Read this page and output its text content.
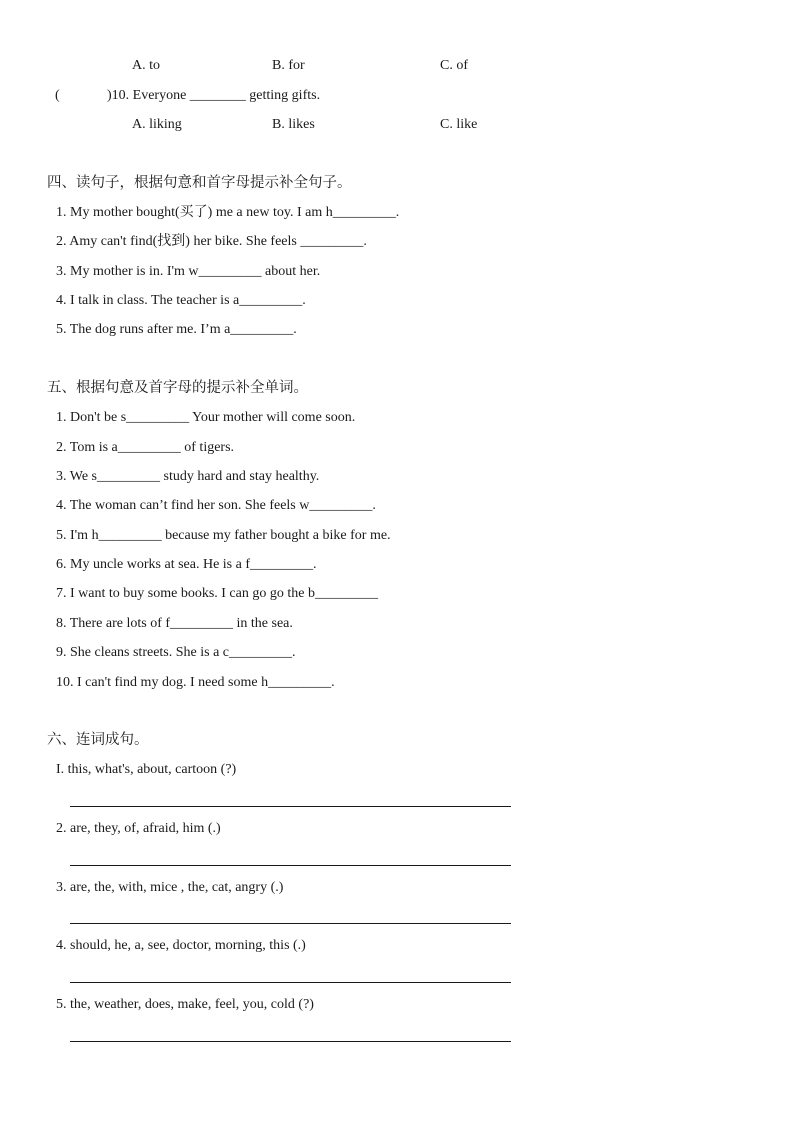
A. to	B. for	C. of
(	)10. Everyone ________ getting gifts.
A. liking	B. likes	C. like
四、读句子，根据句意和首字母提示补全句子。
1. My mother bought(买了) me a new toy. I am h_________.
2. Amy can't find(找到) her bike. She feels _________.
3. My mother is in. I'm w_________ about her.
4. I talk in class. The teacher is a_________.
5. The dog runs after me. I’m a_________.
五、根据句意及首字母的提示补全单词。
1. Don't be s_________ Your mother will come soon.
2. Tom is a_________ of tigers.
3. We s_________ study hard and stay healthy.
4. The woman can’t find her son. She feels w_________.
5. I'm h_________ because my father bought a bike for me.
6. My uncle works at sea. He is a f_________.
7. I want to buy some books. I can go go the b_________
8. There are lots of f_________ in the sea.
9. She cleans streets. She is a c_________.
10. I can't find my dog. I need some h_________.
六、连词成句。
I. this, what's, about, cartoon (?)
2. are, they, of, afraid, him (.)
3. are, the, with, mice , the, cat, angry (.)
4. should, he, a, see, doctor, morning, this (.)
5. the, weather, does, make, feel, you, cold (?)
